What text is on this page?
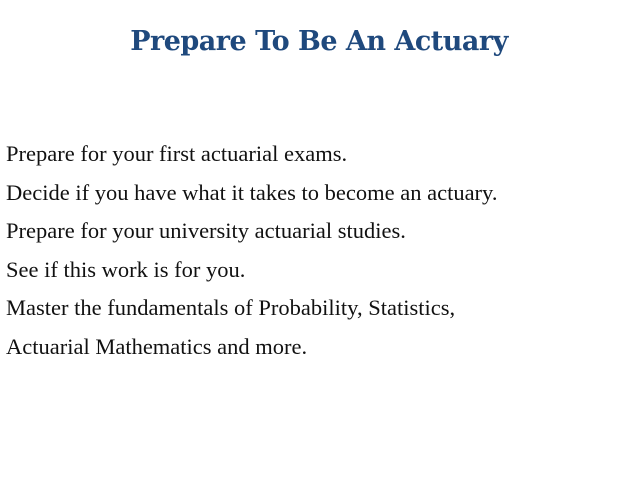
Prepare To Be An Actuary
Prepare for your first actuarial exams.
Decide if you have what it takes to become an actuary.
Prepare for your university actuarial studies.
See if this work is for you.
Master the fundamentals of Probability, Statistics,
Actuarial Mathematics and more.
